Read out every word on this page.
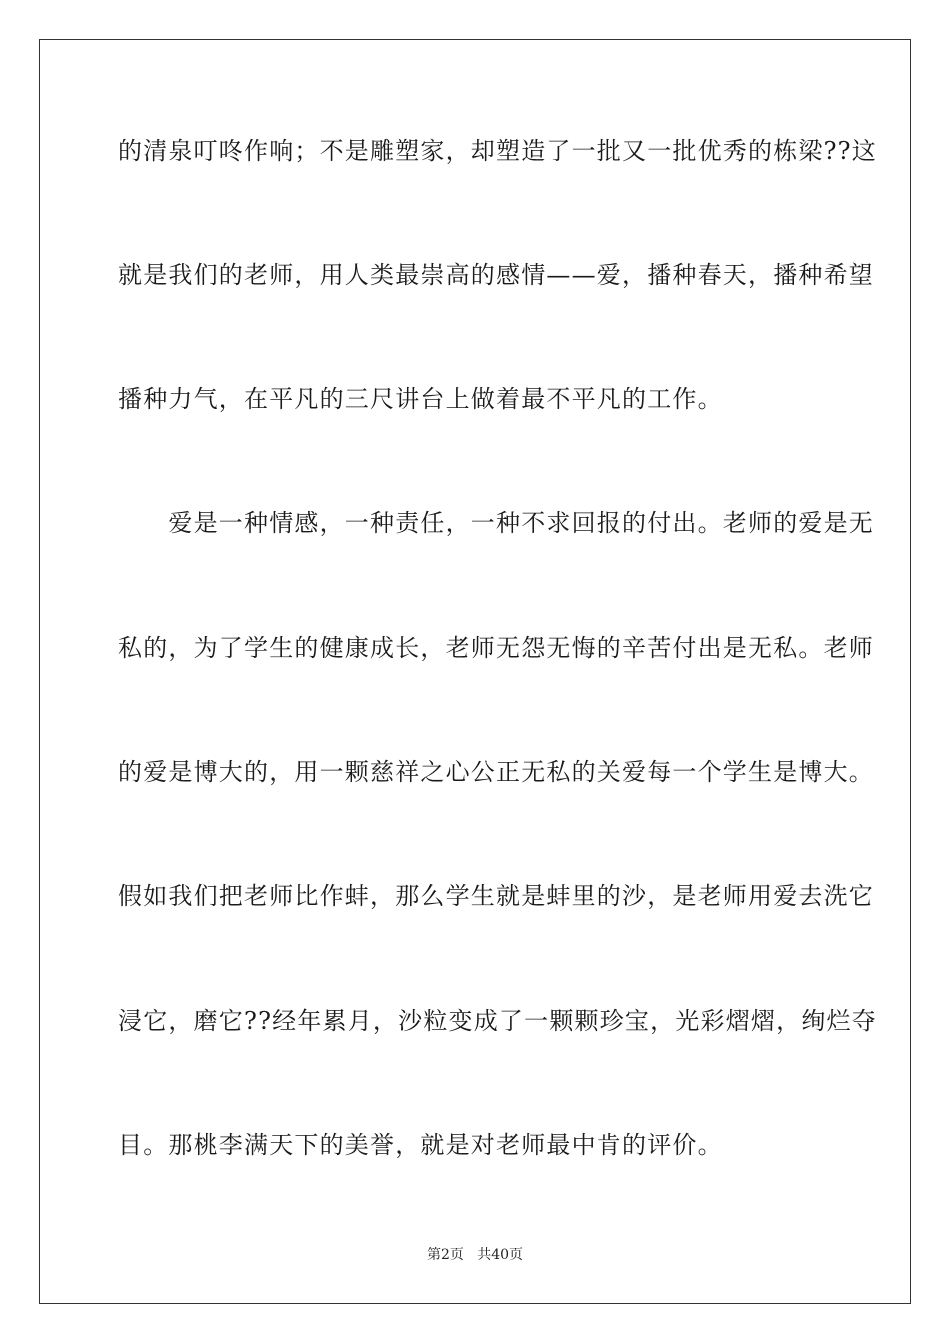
的清泉叮咚作响；不是雕塑家，却塑造了一批又一批优秀的栋梁??这
就是我们的老师，用人类最崇高的感情——爱，播种春天，播种希望
播种力气，在平凡的三尺讲台上做着最不平凡的工作。
　　爱是一种情感，一种责任，一种不求回报的付出。老师的爱是无
私的，为了学生的健康成长，老师无怨无悔的辛苦付出是无私。老师
的爱是博大的，用一颗慈祥之心公正无私的关爱每一个学生是博大。
假如我们把老师比作蚌，那么学生就是蚌里的沙，是老师用爱去洗它
浸它，磨它??经年累月，沙粒变成了一颗颗珍宝，光彩熠熠，绚烂夺
目。那桃李满天下的美誉，就是对老师最中肯的评价。
第2页   共40页
